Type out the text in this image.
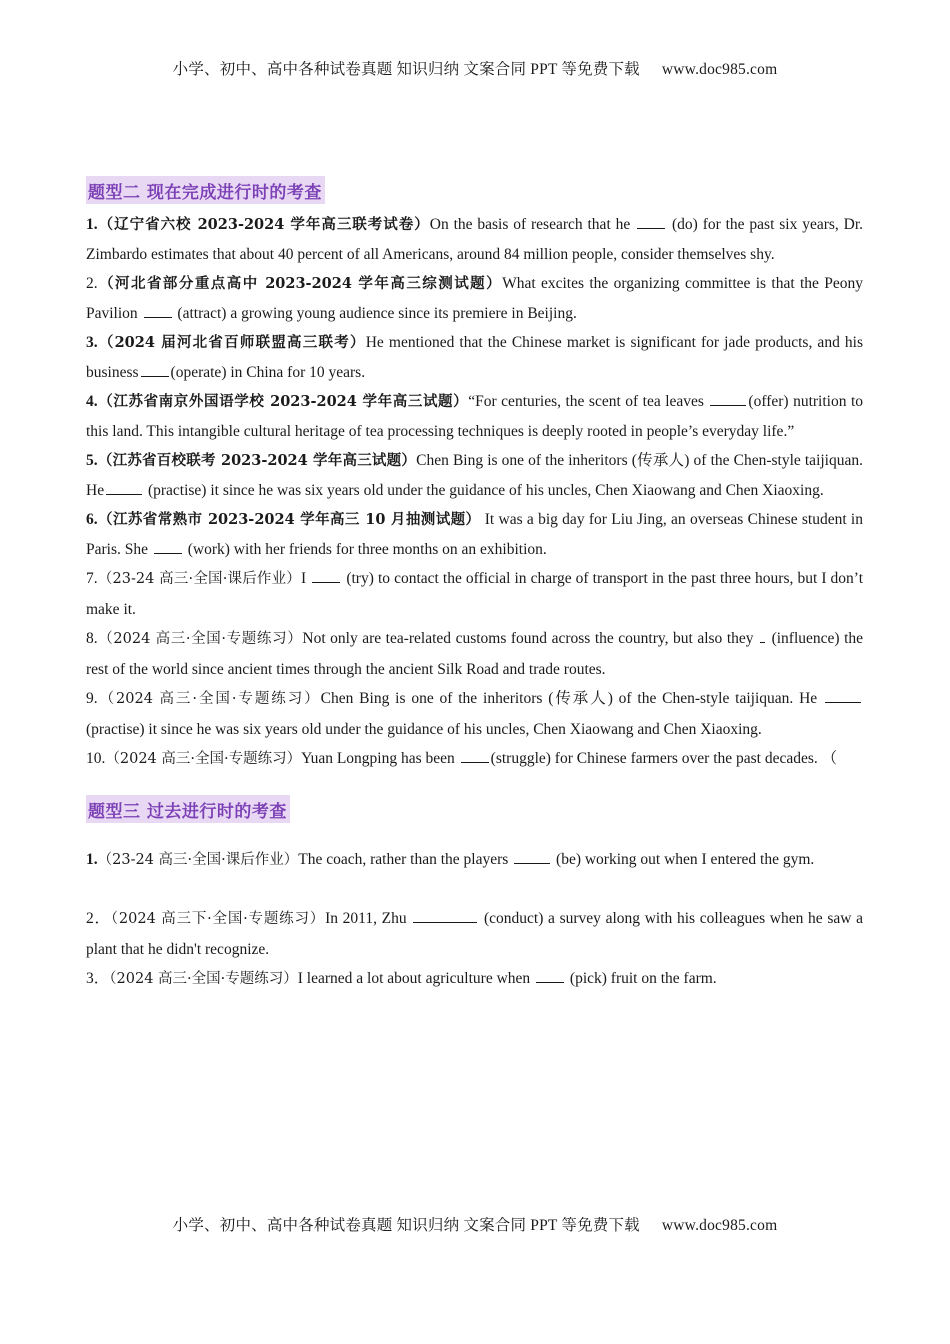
小学、初中、高中各种试卷真题 知识归纳 文案合同 PPT 等免费下载 www.doc985.com
题型二 现在完成进行时的考查

1.（辽宁省六校 2023-2024 学年高三联考试卷）On the basis of research that he	(do) for the past six years, Dr. Zimbardo estimates that about 40 percent of all Americans, around 84 million people, consider themselves shy.

2.（河北省部分重点高中 2023-2024 学年高三综测试题）What excites the organizing committee is that the Peony Pavilion	(attract) a growing young audience since its premiere in Beijing.

3.（2024 届河北省百师联盟高三联考）He mentioned that the Chinese market is significant for jade products, and his business (operate) in China for 10 years.

4.（江苏省南京外国语学校 2023-2024 学年高三试题）“For centuries, the scent of tea leaves	(offer) nutrition to this land. This intangible cultural heritage of tea processing techniques is deeply rooted in people’s everyday life.”

5.（江苏省百校联考 2023-2024 学年高三试题）Chen Bing is one of the inheritors (传承人) of the Chen-style taijiquan. He	(practise) it since he was six years old under the guidance of his uncles, Chen Xiaowang and Chen Xiaoxing.

6.（江苏省常熟市 2023-2024 学年高三 10 月抽测试题） It was a big day for Liu Jing, an overseas Chinese student in Paris. She	(work) with her friends for three months on an exhibition.

7.（23-24 高三·全国·课后作业）I	(try) to contact the official in charge of transport in the past three hours, but I don’t make it.

8.（2024 高三·全国·专题练习）Not only are tea-related customs found across the country, but also they (influence) the rest of the world since ancient times through the ancient Silk Road and trade routes.

9.（2024 高三·全国·专题练习）Chen Bing is one of the inheritors (传承人) of the Chen-style taijiquan. He  (practise) it since he was six years old under the guidance of his uncles, Chen Xiaowang and Chen Xiaoxing.

10.（2024 高三·全国·专题练习）Yuan Longping has been (struggle) for Chinese farmers over the past decades. （

题型三 过去进行时的考查

1.（23-24 高三·全国·课后作业）The coach, rather than the players	(be) working out when I entered the gym.

2．（2024 高三下·全国·专题练习）In 2011, Zhu	(conduct) a survey along with his colleagues when he saw a plant that he didn't recognize.

3．（2024 高三·全国·专题练习）I learned a lot about agriculture when	(pick) fruit on the farm.

小学、初中、高中各种试卷真题 知识归纳 文案合同 PPT 等免费下载 www.doc985.com
